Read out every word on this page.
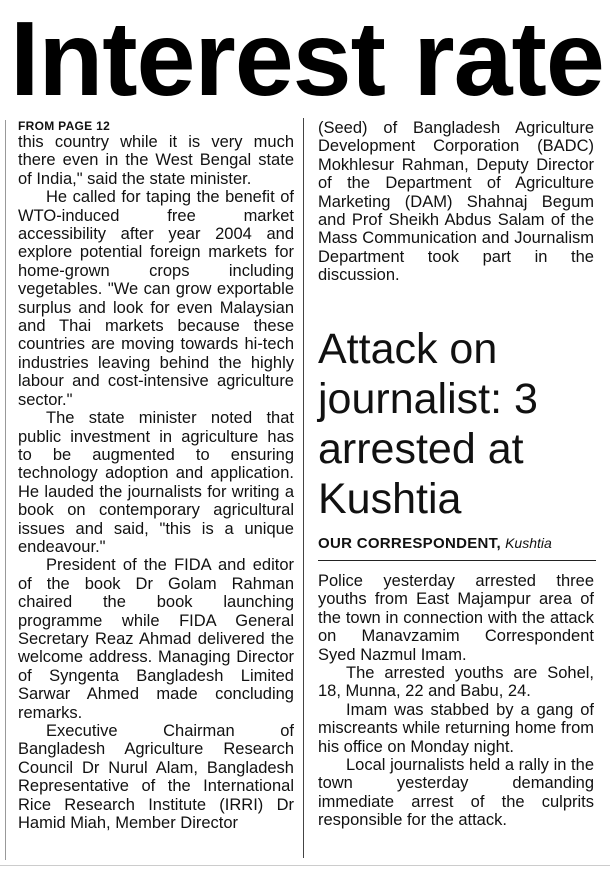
Interest rate
FROM PAGE 12

this country while it is very much there even in the West Bengal state of India," said the state minister.

He called for taping the benefit of WTO-induced free market accessibility after year 2004 and explore potential foreign markets for home-grown crops including vegetables. "We can grow exportable surplus and look for even Malaysian and Thai markets because these countries are moving towards hi-tech industries leaving behind the highly labour and cost-intensive agriculture sector."

The state minister noted that public investment in agriculture has to be augmented to ensuring technology adoption and application. He lauded the journalists for writing a book on contemporary agricultural issues and said, "this is a unique endeavour."

President of the FIDA and editor of the book Dr Golam Rahman chaired the book launching programme while FIDA General Secretary Reaz Ahmad delivered the welcome address. Managing Director of Syngenta Bangladesh Limited Sarwar Ahmed made concluding remarks.

Executive Chairman of Bangladesh Agriculture Research Council Dr Nurul Alam, Bangladesh Representative of the International Rice Research Institute (IRRI) Dr Hamid Miah, Member Director

(Seed) of Bangladesh Agriculture Development Corporation (BADC) Mokhlesur Rahman, Deputy Director of the Department of Agriculture Marketing (DAM) Shahnaj Begum and Prof Sheikh Abdus Salam of the Mass Communication and Journalism Department took part in the discussion.

Attack on journalist: 3 arrested at Kushtia
OUR CORRESPONDENT, Kushtia

Police yesterday arrested three youths from East Majampur area of the town in connection with the attack on Manavzamim Correspondent Syed Nazmul Imam.

The arrested youths are Sohel, 18, Munna, 22 and Babu, 24.

Imam was stabbed by a gang of miscreants while returning home from his office on Monday night.

Local journalists held a rally in the town yesterday demanding immediate arrest of the culprits responsible for the attack.
